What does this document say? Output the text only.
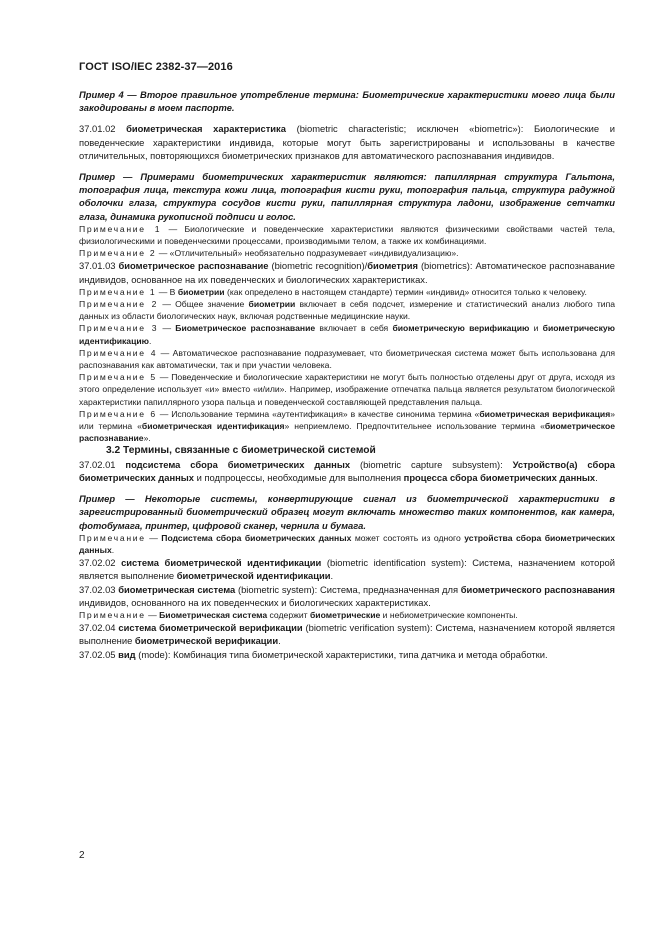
ГОСТ ISO/IEC 2382-37—2016

Пример 4 — Второе правильное употребление термина: Биометрические характеристики моего лица были закодированы в моем паспорте.

37.01.02 биометрическая характеристика (biometric characteristic; исключен «biometric»): Биологические и поведенческие характеристики индивида, которые могут быть зарегистрированы и использованы в качестве отличительных, повторяющихся биометрических признаков для автоматического распознавания индивидов.

Пример — Примерами биометрических характеристик являются: папиллярная структура Гальтона, топография лица, текстура кожи лица, топография кисти руки, топография пальца, структура радужной оболочки глаза, структура сосудов кисти руки, папиллярная структура ладони, изображение сетчатки глаза, динамика рукописной подписи и голос.

Примечание 1 — Биологические и поведенческие характеристики являются физическими свойствами частей тела, физиологическими и поведенческими процессами, производимыми телом, а также их комбинациями.

Примечание 2 — «Отличительный» необязательно подразумевает «индивидуализацию».

37.01.03 биометрическое распознавание (biometric recognition)/биометрия (biometrics): Автоматическое распознавание индивидов, основанное на их поведенческих и биологических характеристиках.

Примечание 1 — В биометрии (как определено в настоящем стандарте) термин «индивид» относится только к человеку.

Примечание 2 — Общее значение биометрии включает в себя подсчет, измерение и статистический анализ любого типа данных из области биологических наук, включая родственные медицинские науки.

Примечание 3 — Биометрическое распознавание включает в себя биометрическую верификацию и биометрическую идентификацию.

Примечание 4 — Автоматическое распознавание подразумевает, что биометрическая система может быть использована для распознавания как автоматически, так и при участии человека.

Примечание 5 — Поведенческие и биологические характеристики не могут быть полностью отделены друг от друга, исходя из этого определение использует «и» вместо «и/или». Например, изображение отпечатка пальца является результатом биологической характеристики папиллярного узора пальца и поведенческой составляющей представления пальца.

Примечание 6 — Использование термина «аутентификация» в качестве синонима термина «биометрическая верификация» или термина «биометрическая идентификация» неприемлемо. Предпочтительнее использование термина «биометрическое распознавание».

3.2 Термины, связанные с биометрической системой

37.02.01 подсистема сбора биометрических данных (biometric capture subsystem): Устройство(а) сбора биометрических данных и подпроцессы, необходимые для выполнения процесса сбора биометрических данных.

Пример — Некоторые системы, конвертирующие сигнал из биометрической характеристики в зарегистрированный биометрический образец могут включать множество таких компонентов, как камера, фотобумага, принтер, цифровой сканер, чернила и бумага.

Примечание — Подсистема сбора биометрических данных может состоять из одного устройства сбора биометрических данных.

37.02.02 система биометрической идентификации (biometric identification system): Система, назначением которой является выполнение биометрической идентификации.

37.02.03 биометрическая система (biometric system): Система, предназначенная для биометрического распознавания индивидов, основанного на их поведенческих и биологических характеристиках.

Примечание — Биометрическая система содержит биометрические и небиометрические компоненты.

37.02.04 система биометрической верификации (biometric verification system): Система, назначением которой является выполнение биометрической верификации.

37.02.05 вид (mode): Комбинация типа биометрической характеристики, типа датчика и метода обработки.

2
